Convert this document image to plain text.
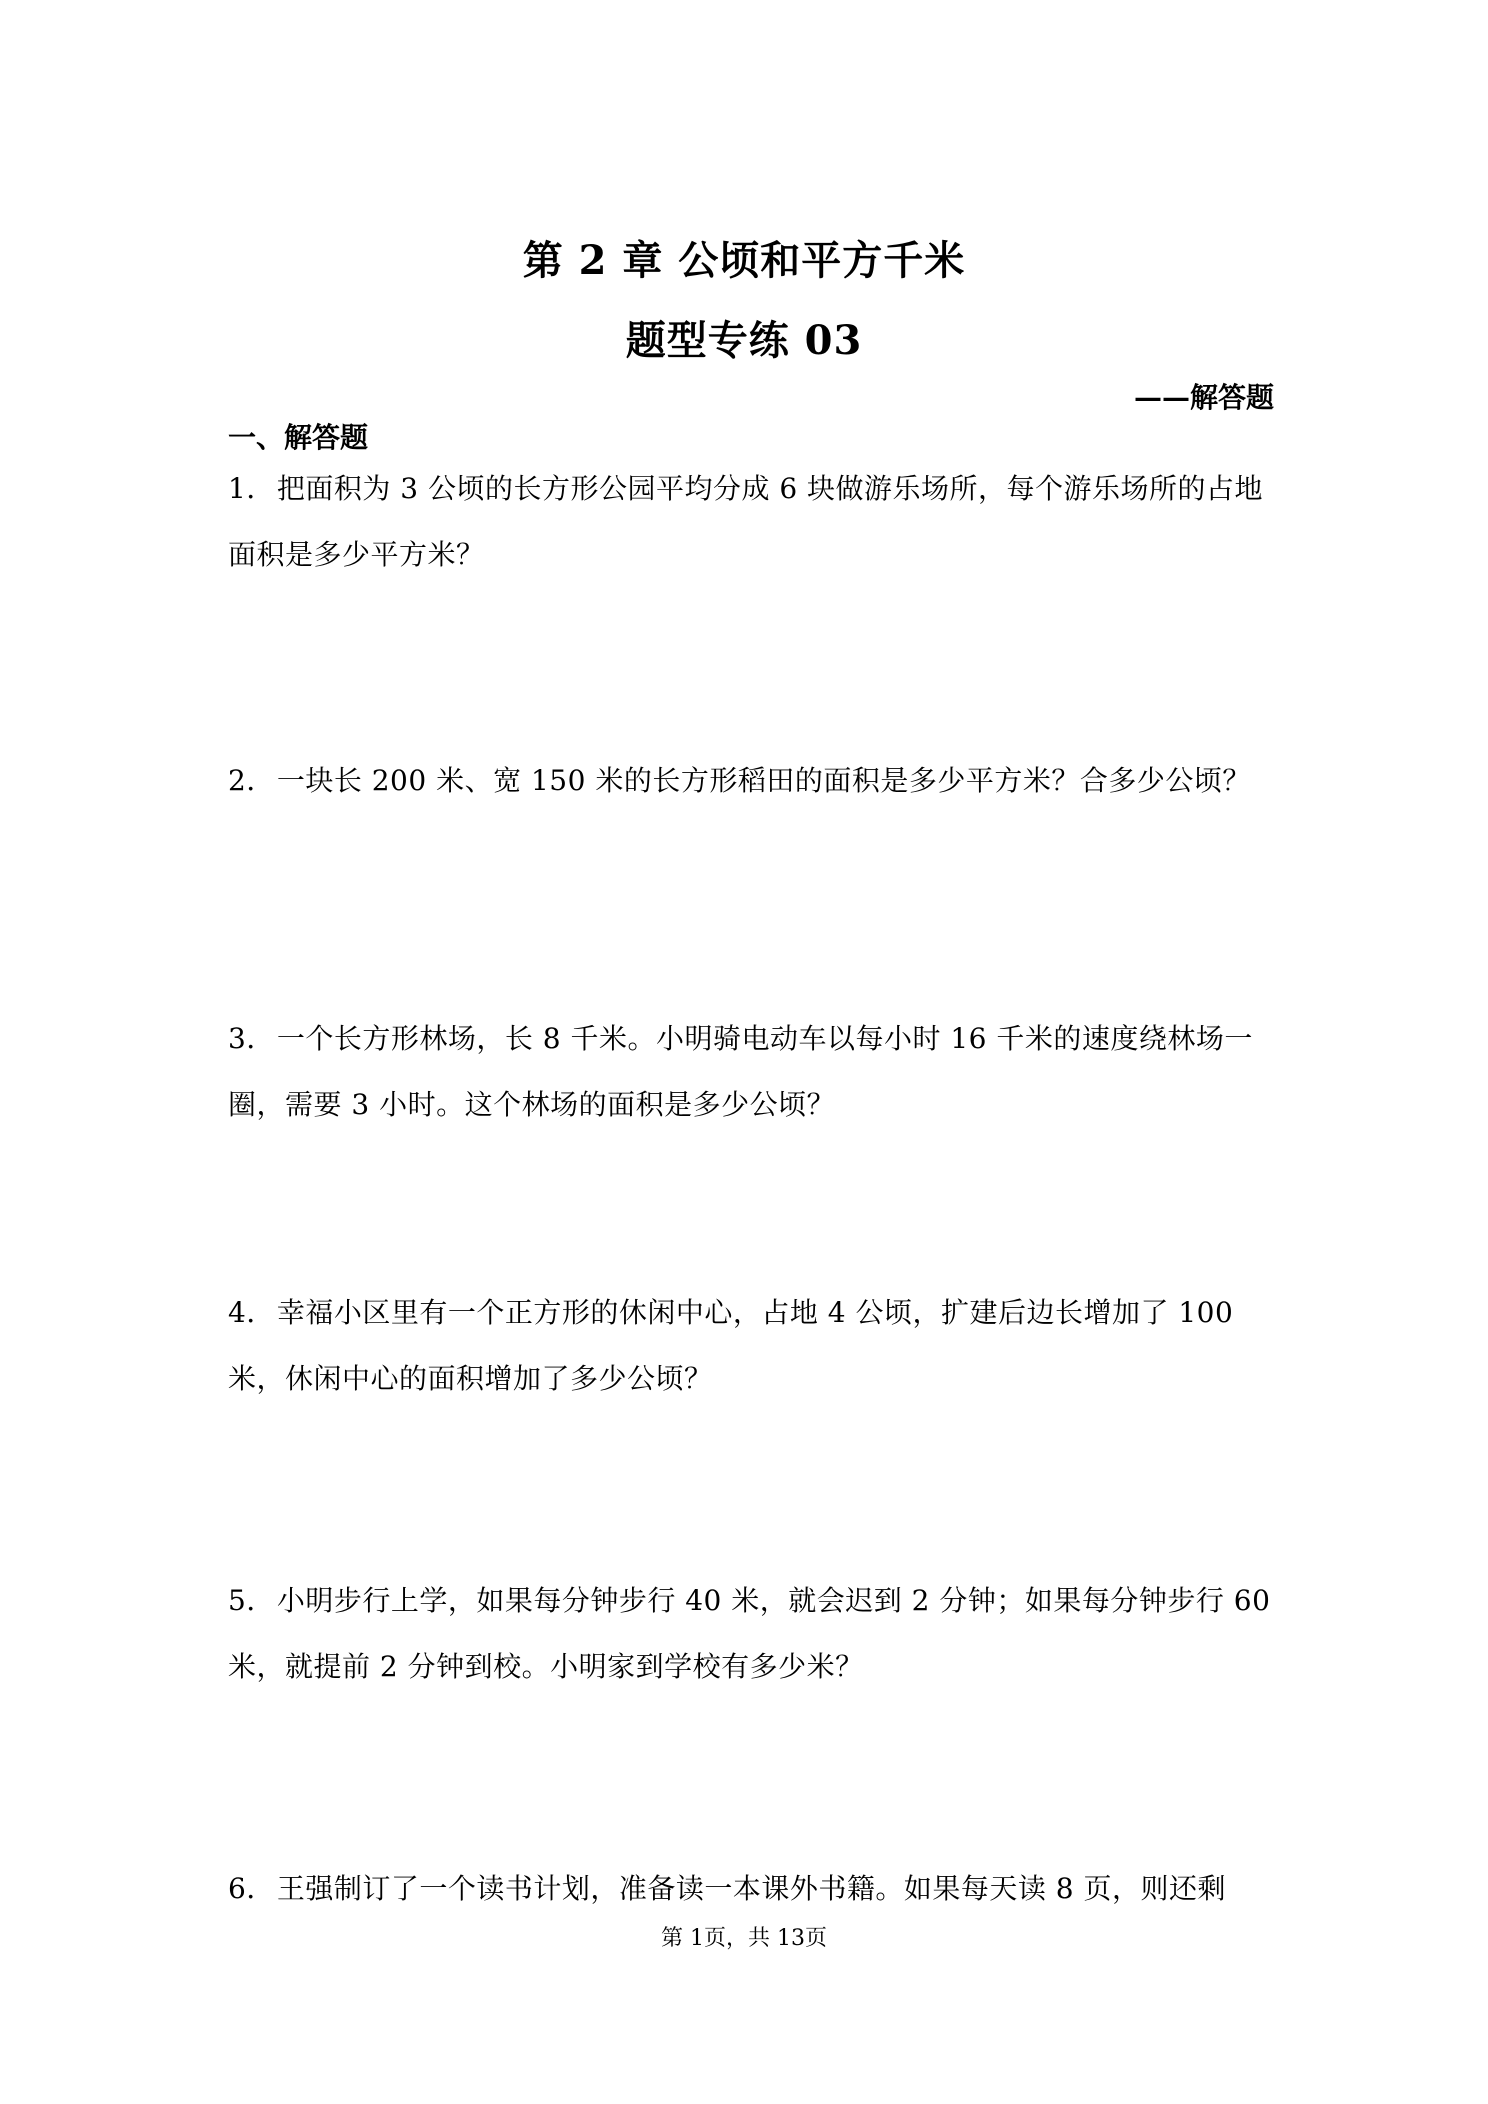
第 2 章 公顷和平方千米
题型专练 03
——解答题
一、解答题
1．把面积为 3 公顷的长方形公园平均分成 6 块做游乐场所，每个游乐场所的占地面积是多少平方米？
2．一块长 200 米、宽 150 米的长方形稻田的面积是多少平方米？合多少公顷？
3．一个长方形林场，长 8 千米。小明骑电动车以每小时 16 千米的速度绕林场一圈，需要 3 小时。这个林场的面积是多少公顷？
4．幸福小区里有一个正方形的休闲中心，占地 4 公顷，扩建后边长增加了 100 米，休闲中心的面积增加了多少公顷？
5．小明步行上学，如果每分钟步行 40 米，就会迟到 2 分钟；如果每分钟步行 60 米，就提前 2 分钟到校。小明家到学校有多少米？
6．王强制订了一个读书计划，准备读一本课外书籍。如果每天读 8 页，则还剩
第 1页，共 13页
